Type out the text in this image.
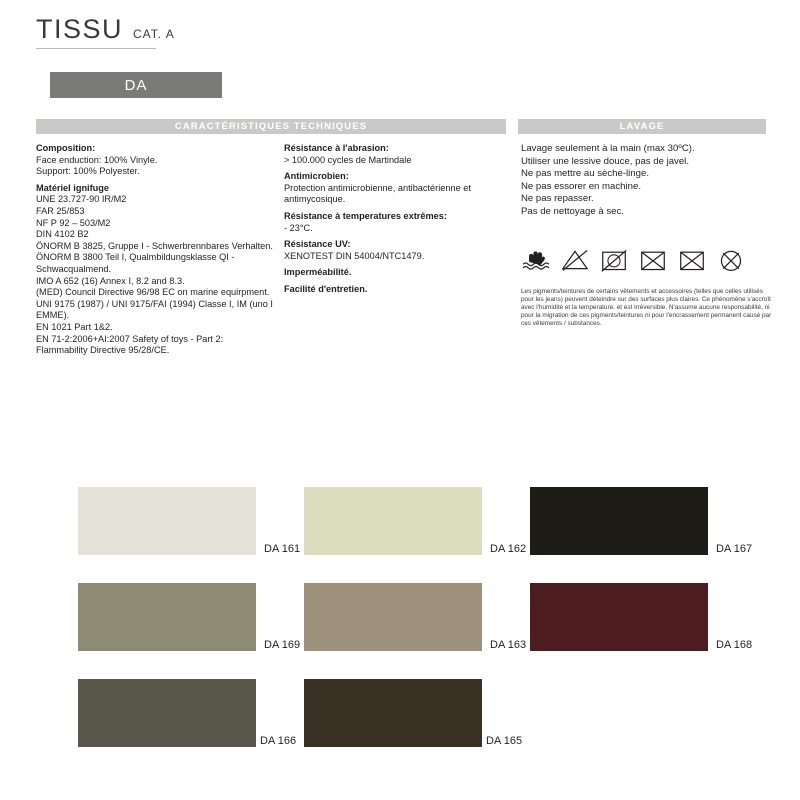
TISSU CAT. A
DA
CARACTÉRISTIQUES TECHNIQUES	LAVAGE
Composition:
Face enduction: 100% Vinyle.
Support: 100% Polyester.
Matériel ignifuge
UNE 23.727-90 IR/M2
FAR 25/853
NF P 92 – 503/M2
DIN 4102 B2
ÖNORM B 3825, Gruppe I - Schwerbrennbares Verhalten.
ÖNORM B 3800 Teil I, Qualmbildungsklasse QI - Schwacqualmend.
IMO A 652 (16) Annex I, 8.2 and 8.3.
(MED) Council Directive 96/98 EC on marine equirpment.
UNI 9175 (1987) / UNI 9175/FAI (1994) Classe I, IM (uno I EMME).
EN 1021 Part 1&2.
EN 71-2:2006+AI:2007 Safety of toys - Part 2: Flammability Directive 95/28/CE.
Résistance à l'abrasion:
> 100.000 cycles de Martindale
Antimicrobien:
Protection antimicrobienne, antibactérienne et antimycosique.
Résistance à temperatures extrêmes:
- 23°C.
Résistance UV:
XENOTEST DIN 54004/NTC1479.
Imperméabilité.
Facilité d'entretien.
Lavage seulement à la main (max 30ºC).
Utiliser une lessive douce, pas de javel.
Ne pas mettre au sèche-linge.
Ne pas essorer en machine.
Ne pas repasser.
Pas de nettoyage à sec.
Les pigments/teintures de certains vêtements et accessoires (telles que celles utilisés pour les jeans) peuvent déteindre sur des surfaces plus claires. Ce phénomène s'accroît avec l'humidité et la temperature, et est irréversible. N'assume aucune responsabilité, ni pour la migration de ces pigments/teintures ni pour l'encrassement permanent causé par ces vêtements / substances.
DA 161	DA 162	DA 167
DA 169	DA 163	DA 168
DA 166	DA 165
